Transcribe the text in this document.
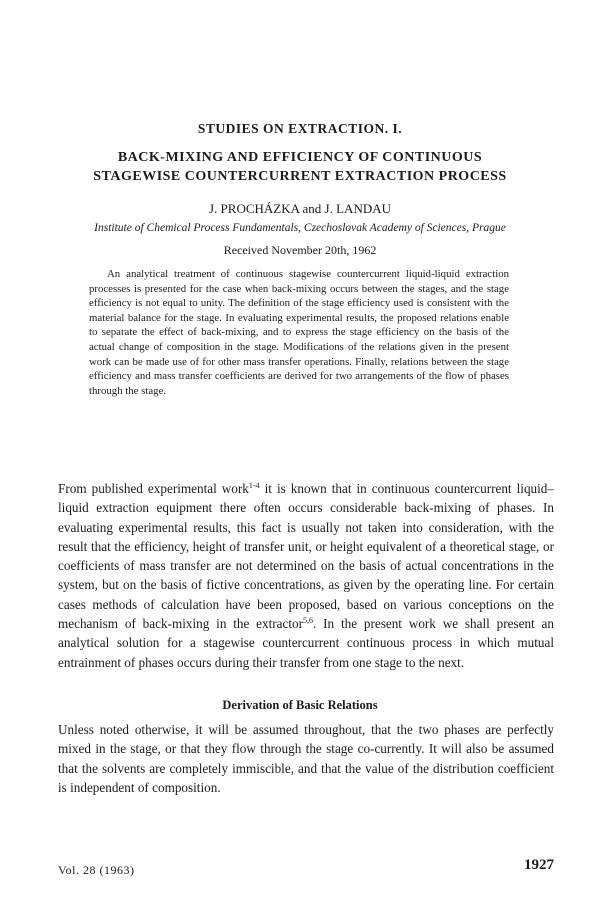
STUDIES ON EXTRACTION. I.
BACK-MIXING AND EFFICIENCY OF CONTINUOUS
STAGEWISE COUNTERCURRENT EXTRACTION PROCESS
J. PROCHÁZKA and J. LANDAU
Institute of Chemical Process Fundamentals, Czechoslovak Academy of Sciences, Prague
Received November 20th, 1962

An analytical treatment of continuous stagewise countercurrent liquid-liquid extraction processes is presented for the case when back-mixing occurs between the stages, and the stage efficiency is not equal to unity. The definition of the stage efficiency used is consistent with the material balance for the stage. In evaluating experimental results, the proposed relations enable to separate the effect of back-mixing, and to express the stage efficiency on the basis of the actual change of composition in the stage. Modifications of the relations given in the present work can be made use of for other mass transfer operations. Finally, relations between the stage efficiency and mass transfer coefficients are derived for two arrangements of the flow of phases through the stage.

From published experimental work$^{1-4}$ it is known that in continuous countercurrent liquid–liquid extraction equipment there often occurs considerable back-mixing of phases. In evaluating experimental results, this fact is usually not taken into consideration, with the result that the efficiency, height of transfer unit, or height equivalent of a theoretical stage, or coefficients of mass transfer are not determined on the basis of actual concentrations in the system, but on the basis of fictive concentrations, as given by the operating line. For certain cases methods of calculation have been proposed, based on various conceptions on the mechanism of back-mixing in the extractor$^{5,6}$. In the present work we shall present an analytical solution for a stagewise countercurrent continuous process in which mutual entrainment of phases occurs during their transfer from one stage to the next.

Derivation of Basic Relations

Unless noted otherwise, it will be assumed throughout, that the two phases are perfectly mixed in the stage, or that they flow through the stage co-currently. It will also be assumed that the solvents are completely immiscible, and that the value of the distribution coefficient is independent of composition.

Vol. 28 (1963)	1927
